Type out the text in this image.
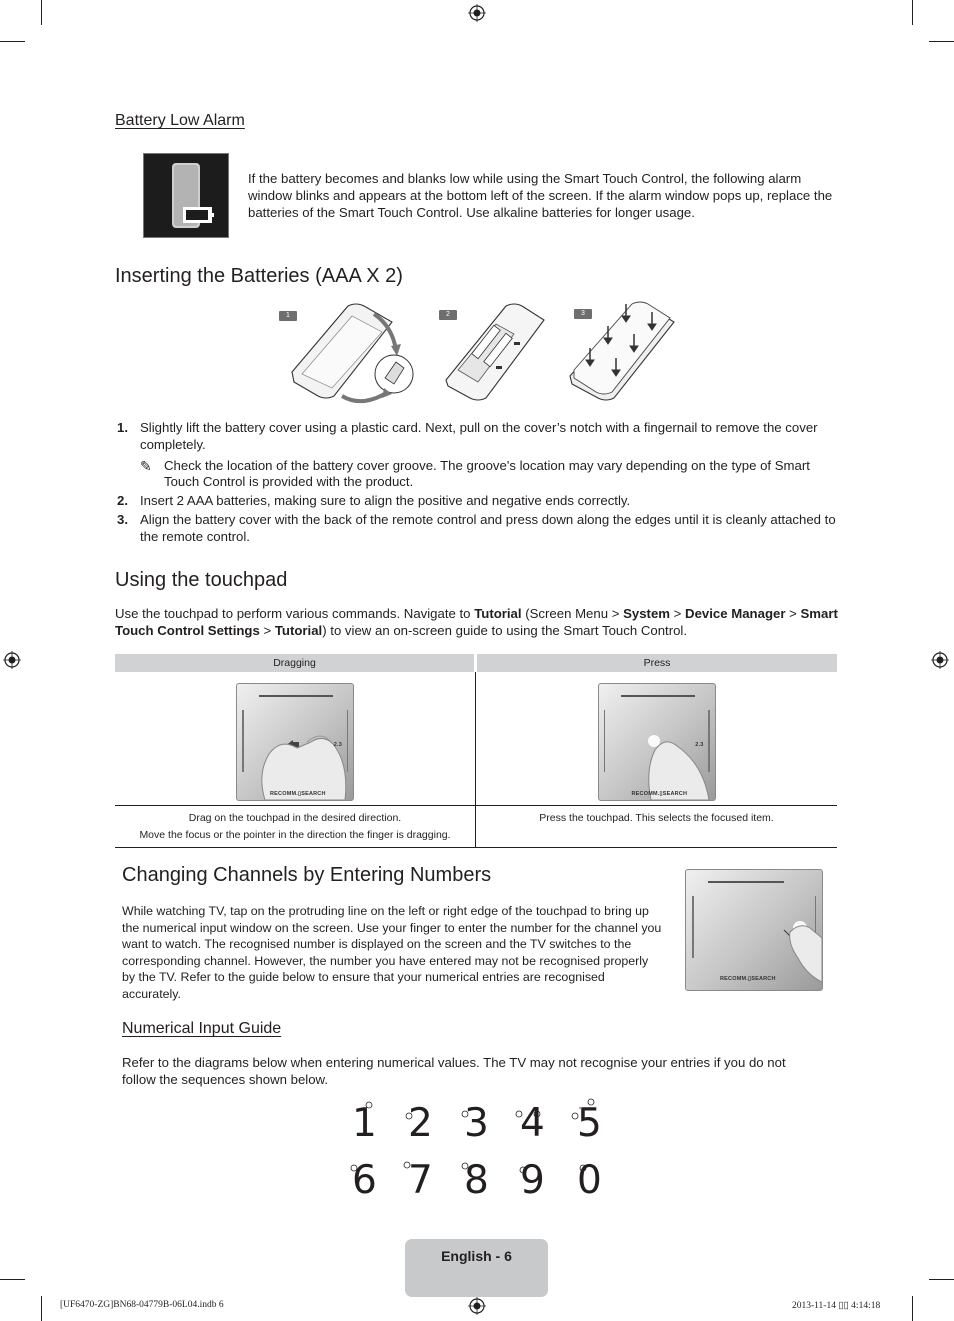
Battery Low Alarm

If the battery becomes and blanks low while using the Smart Touch Control, the following alarm window blinks and appears at the bottom left of the screen. If the alarm window pops up, replace the batteries of the Smart Touch Control. Use alkaline batteries for longer usage.

Inserting the Batteries (AAA X 2)
1	2	3
1. Slightly lift the battery cover using a plastic card. Next, pull on the cover’s notch with a fingernail to remove the cover completely.
✎ Check the location of the battery cover groove. The groove's location may vary depending on the type of Smart Touch Control is provided with the product.
2. Insert 2 AAA batteries, making sure to align the positive and negative ends correctly.
3. Align the battery cover with the back of the remote control and press down along the edges until it is cleanly attached to the remote control.
Using the touchpad

Use the touchpad to perform various commands. Navigate to Tutorial (Screen Menu > System > Device Manager > Smart Touch Control Settings > Tutorial) to view an on-screen guide to using the Smart Touch Control.

Dragging	Press

2.3
RECOMM.▯SEARCH	2.3
RECOMM.▯SEARCH

Drag on the touchpad in the desired direction.
Move the focus or the pointer in the direction the finger is dragging.	Press the touchpad. This selects the focused item.
Changing Channels by Entering Numbers

While watching TV, tap on the protruding line on the left or right edge of the touchpad to bring up the numerical input window on the screen. Use your finger to enter the number for the channel you want to watch. The recognised number is displayed on the screen and the TV switches to the corresponding channel. However, the number you have entered may not be recognised properly by the TV. Refer to the guide below to ensure that your numerical entries are recognised accurately.

RECOMM.▯SEARCH
Numerical Input Guide

Refer to the diagrams below when entering numerical values. The TV may not recognise your entries if you do not follow the sequences shown below.

1 2 3 4 5
6 7 8 9 0
English - 6
[UF6470-ZG]BN68-04779B-06L04.indb 6	2013-11-14 ▯▯ 4:14:18
